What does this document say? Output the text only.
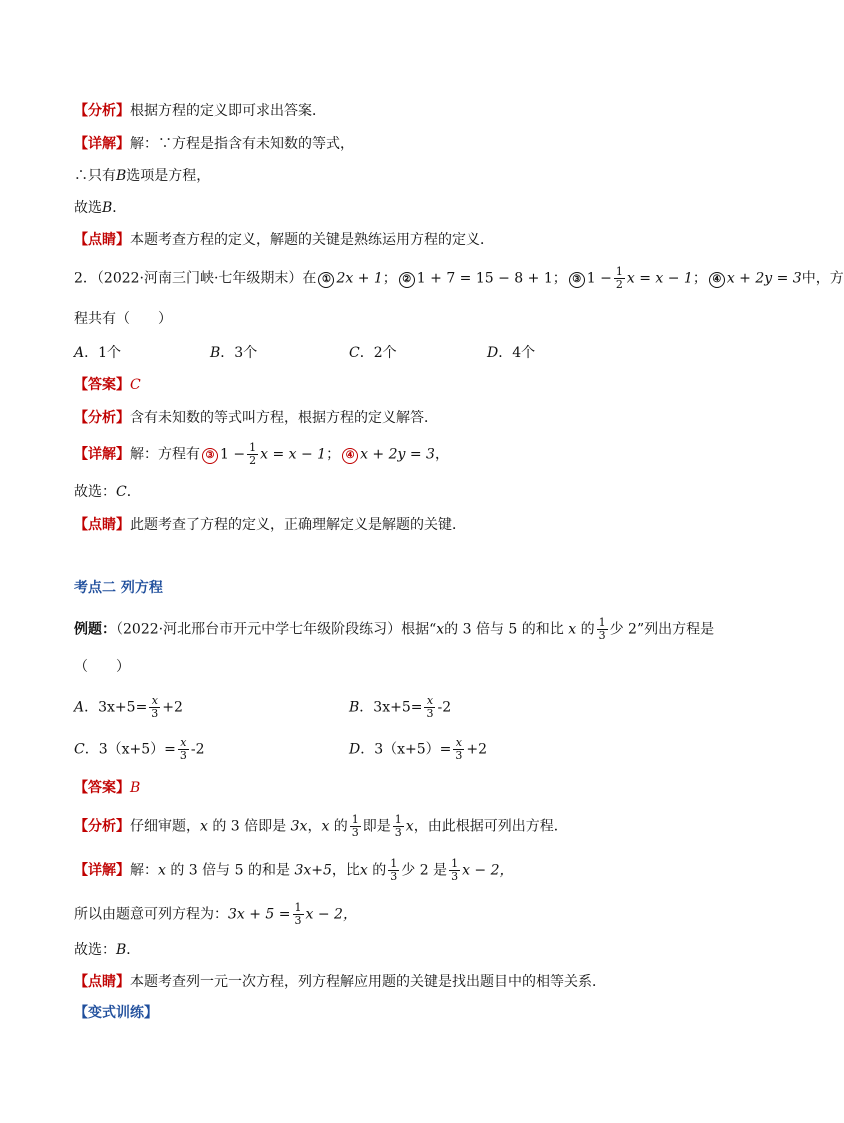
【分析】根据方程的定义即可求出答案．
【详解】解：∵方程是指含有未知数的等式，
∴只有B选项是方程，
故选B．
【点睛】本题考查方程的定义，解题的关键是熟练运用方程的定义．
2．（2022·河南三门峡·七年级期末）在 ① 2x + 1； ② 1 + 7 = 15 − 8 + 1； ③ $1 - \frac{1}{2}$ x = x − 1； ④ x + 2y = 3中，方
程共有（　　）
A．1个	B．3个	C．2个	D．4个
【答案】C
【分析】含有未知数的等式叫方程，根据方程的定义解答．
【详解】解：方程有 ③ $1 - \frac{1}{2}$ x = x − 1； ④ x + 2y = 3，
故选：C．
【点睛】此题考查了方程的定义，正确理解定义是解题的关键．
考点二 列方程
例题：（2022·河北邢台市开元中学七年级阶段练习）根据“x的 3 倍与 5 的和比 x 的 $\frac{1}{3}$ 少 2”列出方程是
（　　）
A．$3x+5= \frac{x}{3} +2$	B．$3x+5= \frac{x}{3} -2$
C．$3(x+5)= \frac{x}{3} -2$	D．$3(x+5)= \frac{x}{3} +2$
【答案】B
【分析】仔细审题，x 的 3 倍即是 3x，x 的 $\frac{1}{3}$ 即是 $\frac{1}{3}$ x，由此根据可列出方程．
【详解】解：x 的 3 倍与 5 的和是 3x+5，比x 的 $\frac{1}{3}$ 少 2 是 $\frac{1}{3}$ x − 2，
所以由题意可列方程为：$3x + 5 = \frac{1}{3}$ x − 2，
故选：B．
【点睛】本题考查列一元一次方程，列方程解应用题的关键是找出题目中的相等关系．
【变式训练】
